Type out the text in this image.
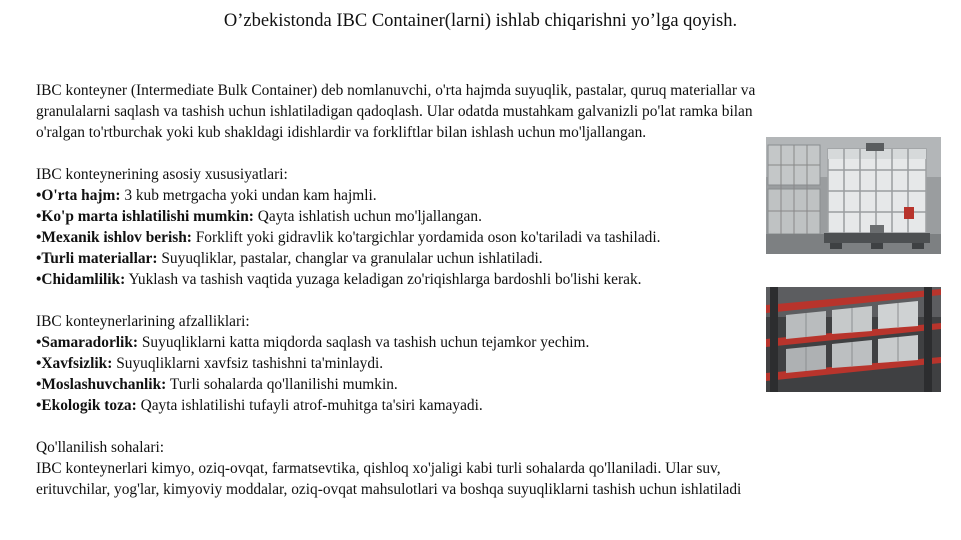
O’zbekistonda IBC Container(larni) ishlab chiqarishni yo’lga qoyish.

IBC konteyner (Intermediate Bulk Container) deb nomlanuvchi, o'rta hajmda suyuqlik, pastalar, quruq materiallar va

granulalarni saqlash va tashish uchun ishlatiladigan qadoqlash. Ular odatda mustahkam galvanizli po'lat ramka bilan

o'ralgan to'rtburchak yoki kub shakldagi idishlardir va forkliftlar bilan ishlash uchun mo'ljallangan.

IBC konteynerining asosiy xususiyatlari:

•O'rta hajm: 3 kub metrgacha yoki undan kam hajmli.

•Ko'p marta ishlatilishi mumkin: Qayta ishlatish uchun mo'ljallangan.

•Mexanik ishlov berish: Forklift yoki gidravlik ko'targichlar yordamida oson ko'tariladi va tashiladi.

•Turli materiallar: Suyuqliklar, pastalar, changlar va granulalar uchun ishlatiladi.

•Chidamlilik: Yuklash va tashish vaqtida yuzaga keladigan zo'riqishlarga bardoshli bo'lishi kerak.

IBC konteynerlarining afzalliklari:

•Samaradorlik: Suyuqliklarni katta miqdorda saqlash va tashish uchun tejamkor yechim.

•Xavfsizlik: Suyuqliklarni xavfsiz tashishni ta'minlaydi.

•Moslashuvchanlik: Turli sohalarda qo'llanilishi mumkin.

•Ekologik toza: Qayta ishlatilishi tufayli atrof-muhitga ta'siri kamayadi.

Qo'llanilish sohalari:

IBC konteynerlari kimyo, oziq-ovqat, farmatsevtika, qishloq xo'jaligi kabi turli sohalarda qo'llaniladi. Ular suv,

erituvchilar, yog'lar, kimyoviy moddalar, oziq-ovqat mahsulotlari va boshqa suyuqliklarni tashish uchun ishlatiladi
